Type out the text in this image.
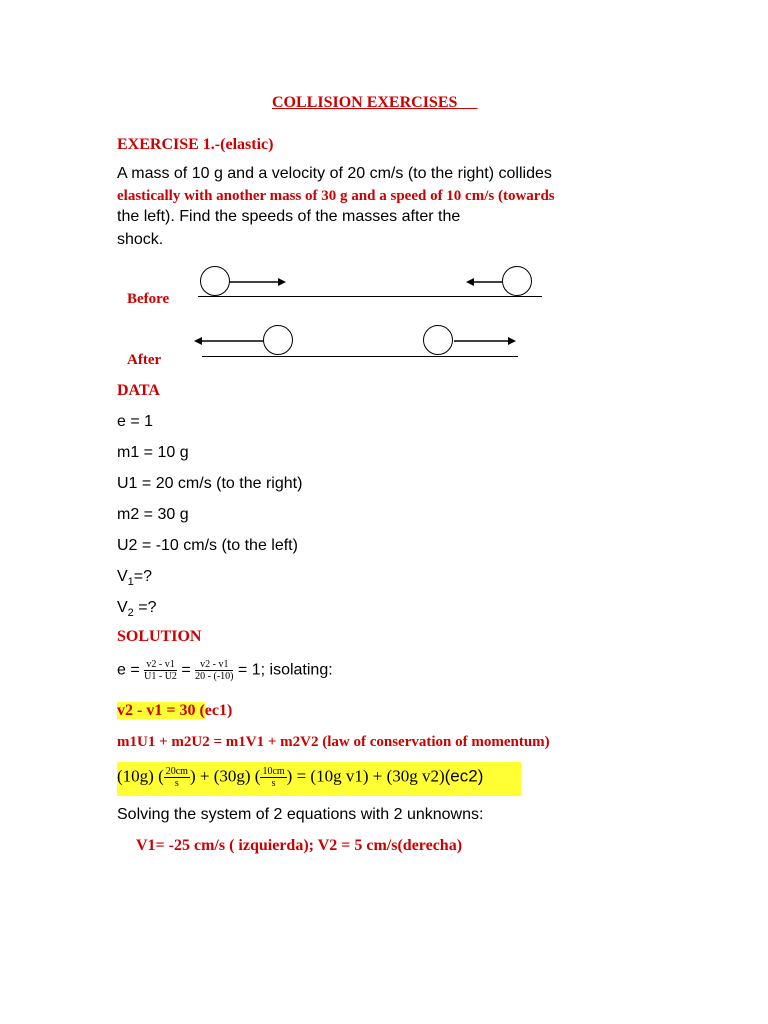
COLLISION EXERCISES
EXERCISE 1.-(elastic)
A mass of 10 g and a velocity of 20 cm/s (to the right) collides
elastically with another mass of 30 g and a speed of 10 cm/s (towards
the left). Find the speeds of the masses after the
shock.
Before
After
DATA
e = 1
m1 = 10 g
U1 = 20 cm/s (to the right)
m2 = 30 g
U2 = -10 cm/s (to the left)
$V_1=$?
$V_2$ =?
SOLUTION
$e = \frac{v2 - v1}{U1 - U2} = \frac{v2 - v1}{20 - (-10)} = 1$; isolating:
v2 - v1 = 30 (ec1)
m1U1 + m2U2 = m1V1 + m2V2 (law of conservation of momentum)
(10g) ( $\frac{20cm}{s}$ ) + (30g) ( $\frac{10cm}{s}$ ) = (10g v1) + (30g v2)(ec2)
Solving the system of 2 equations with 2 unknowns:
V1= -25 cm/s ( izquierda); V2 = 5 cm/s(derecha)
